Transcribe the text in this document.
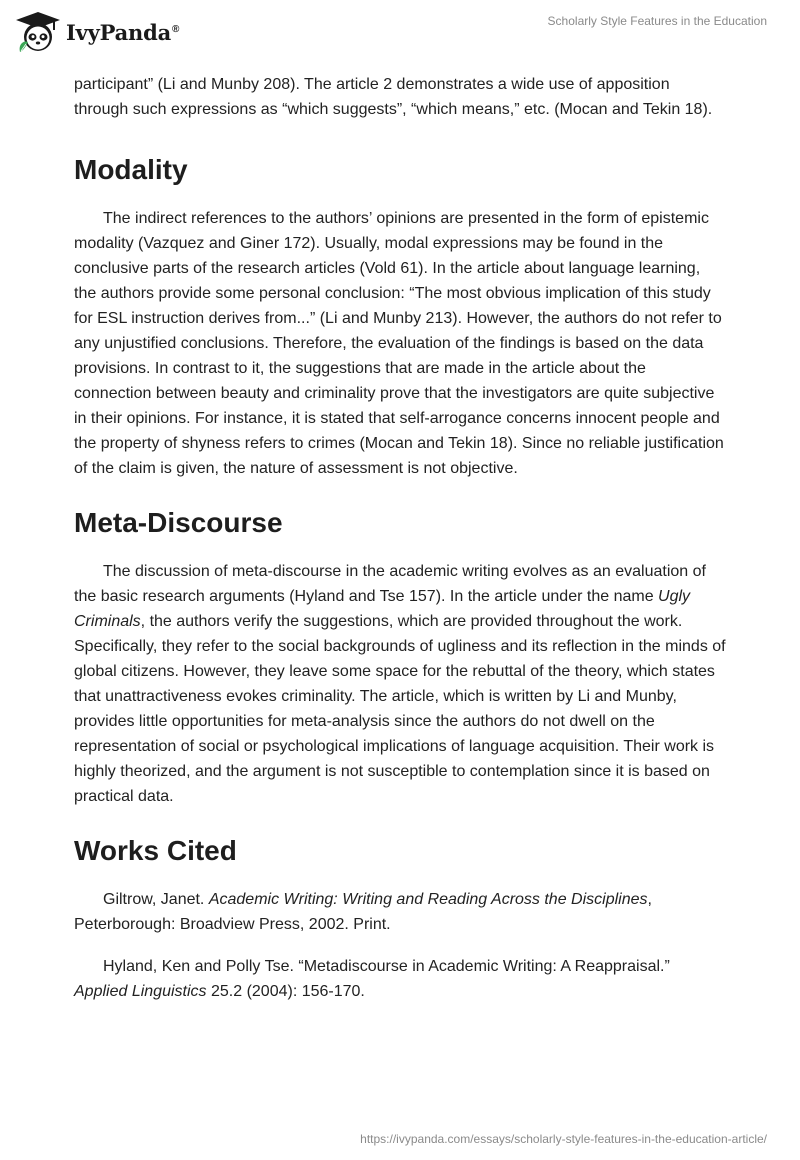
IvyPanda®
Scholarly Style Features in the Education

participant” (Li and Munby 208). The article 2 demonstrates a wide use of apposition through such expressions as “which suggests”, “which means,” etc. (Mocan and Tekin 18).

Modality

The indirect references to the authors’ opinions are presented in the form of epistemic modality (Vazquez and Giner 172). Usually, modal expressions may be found in the conclusive parts of the research articles (Vold 61). In the article about language learning, the authors provide some personal conclusion: “The most obvious implication of this study for ESL instruction derives from...” (Li and Munby 213). However, the authors do not refer to any unjustified conclusions. Therefore, the evaluation of the findings is based on the data provisions. In contrast to it, the suggestions that are made in the article about the connection between beauty and criminality prove that the investigators are quite subjective in their opinions. For instance, it is stated that self-arrogance concerns innocent people and the property of shyness refers to crimes (Mocan and Tekin 18). Since no reliable justification of the claim is given, the nature of assessment is not objective.

Meta-Discourse

The discussion of meta-discourse in the academic writing evolves as an evaluation of the basic research arguments (Hyland and Tse 157). In the article under the name Ugly Criminals, the authors verify the suggestions, which are provided throughout the work. Specifically, they refer to the social backgrounds of ugliness and its reflection in the minds of global citizens. However, they leave some space for the rebuttal of the theory, which states that unattractiveness evokes criminality. The article, which is written by Li and Munby, provides little opportunities for meta-analysis since the authors do not dwell on the representation of social or psychological implications of language acquisition. Their work is highly theorized, and the argument is not susceptible to contemplation since it is based on practical data.

Works Cited

Giltrow, Janet. Academic Writing: Writing and Reading Across the Disciplines, Peterborough: Broadview Press, 2002. Print.

Hyland, Ken and Polly Tse. “Metadiscourse in Academic Writing: A Reappraisal.” Applied Linguistics 25.2 (2004): 156-170.

https://ivypanda.com/essays/scholarly-style-features-in-the-education-article/
